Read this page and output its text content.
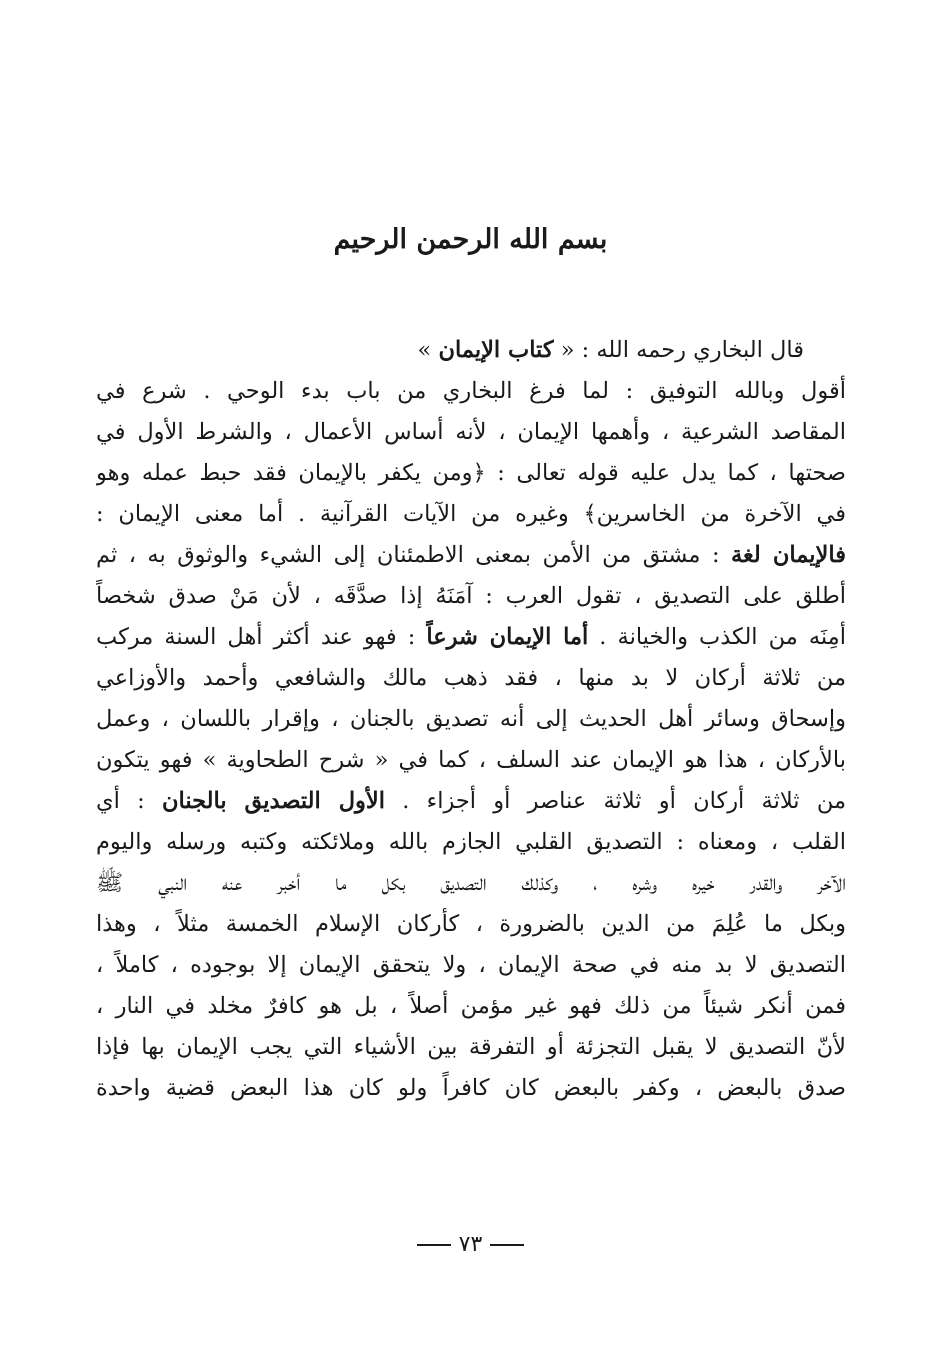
بسم الله الرحمن الرحيم
قال البخاري رحمه الله : « كتاب الإيمان »
أقول وبالله التوفيق : لما فرغ البخاري من باب بدء الوحي . شرع في
المقاصد الشرعية ، وأهمها الإيمان ، لأنه أساس الأعمال ، والشرط الأول في
صحتها ، كما يدل عليه قوله تعالى : ﴿ومن يكفر بالإيمان فقد حبط عمله وهو
في الآخرة من الخاسرين﴾ وغيره من الآيات القرآنية . أما معنى الإيمان :
فالإيمان لغة : مشتق من الأمن بمعنى الاطمئنان إلى الشيء والوثوق به ، ثم
أطلق على التصديق ، تقول العرب : آمَنَهُ إذا صدَّقَه ، لأن مَنْ صدق شخصاً
أمِنَه من الكذب والخيانة . أما الإيمان شرعاً : فهو عند أكثر أهل السنة مركب
من ثلاثة أركان لا بد منها ، فقد ذهب مالك والشافعي وأحمد والأوزاعي
وإسحاق وسائر أهل الحديث إلى أنه تصديق بالجنان ، وإقرار باللسان ، وعمل
بالأركان ، هذا هو الإيمان عند السلف ، كما في « شرح الطحاوية » فهو يتكون
من ثلاثة أركان أو ثلاثة عناصر أو أجزاء . الأول التصديق بالجنان : أي
القلب ، ومعناه : التصديق القلبي الجازم بالله وملائكته وكتبه ورسله واليوم
الآخر والقدر خيره وشره ، وكذلك التصديق بكل ما أخبر عنه النبي ﷺ
وبكل ما عُلِمَ من الدين بالضرورة ، كأركان الإسلام الخمسة مثلاً ، وهذا
التصديق لا بد منه في صحة الإيمان ، ولا يتحقق الإيمان إلا بوجوده ، كاملاً ،
فمن أنكر شيئاً من ذلك فهو غير مؤمن أصلاً ، بل هو كافرٌ مخلد في النار ،
لأنّ التصديق لا يقبل التجزئة أو التفرقة بين الأشياء التي يجب الإيمان بها فإذا
صدق بالبعض ، وكفر بالبعض كان كافراً ولو كان هذا البعض قضية واحدة
٧٣
